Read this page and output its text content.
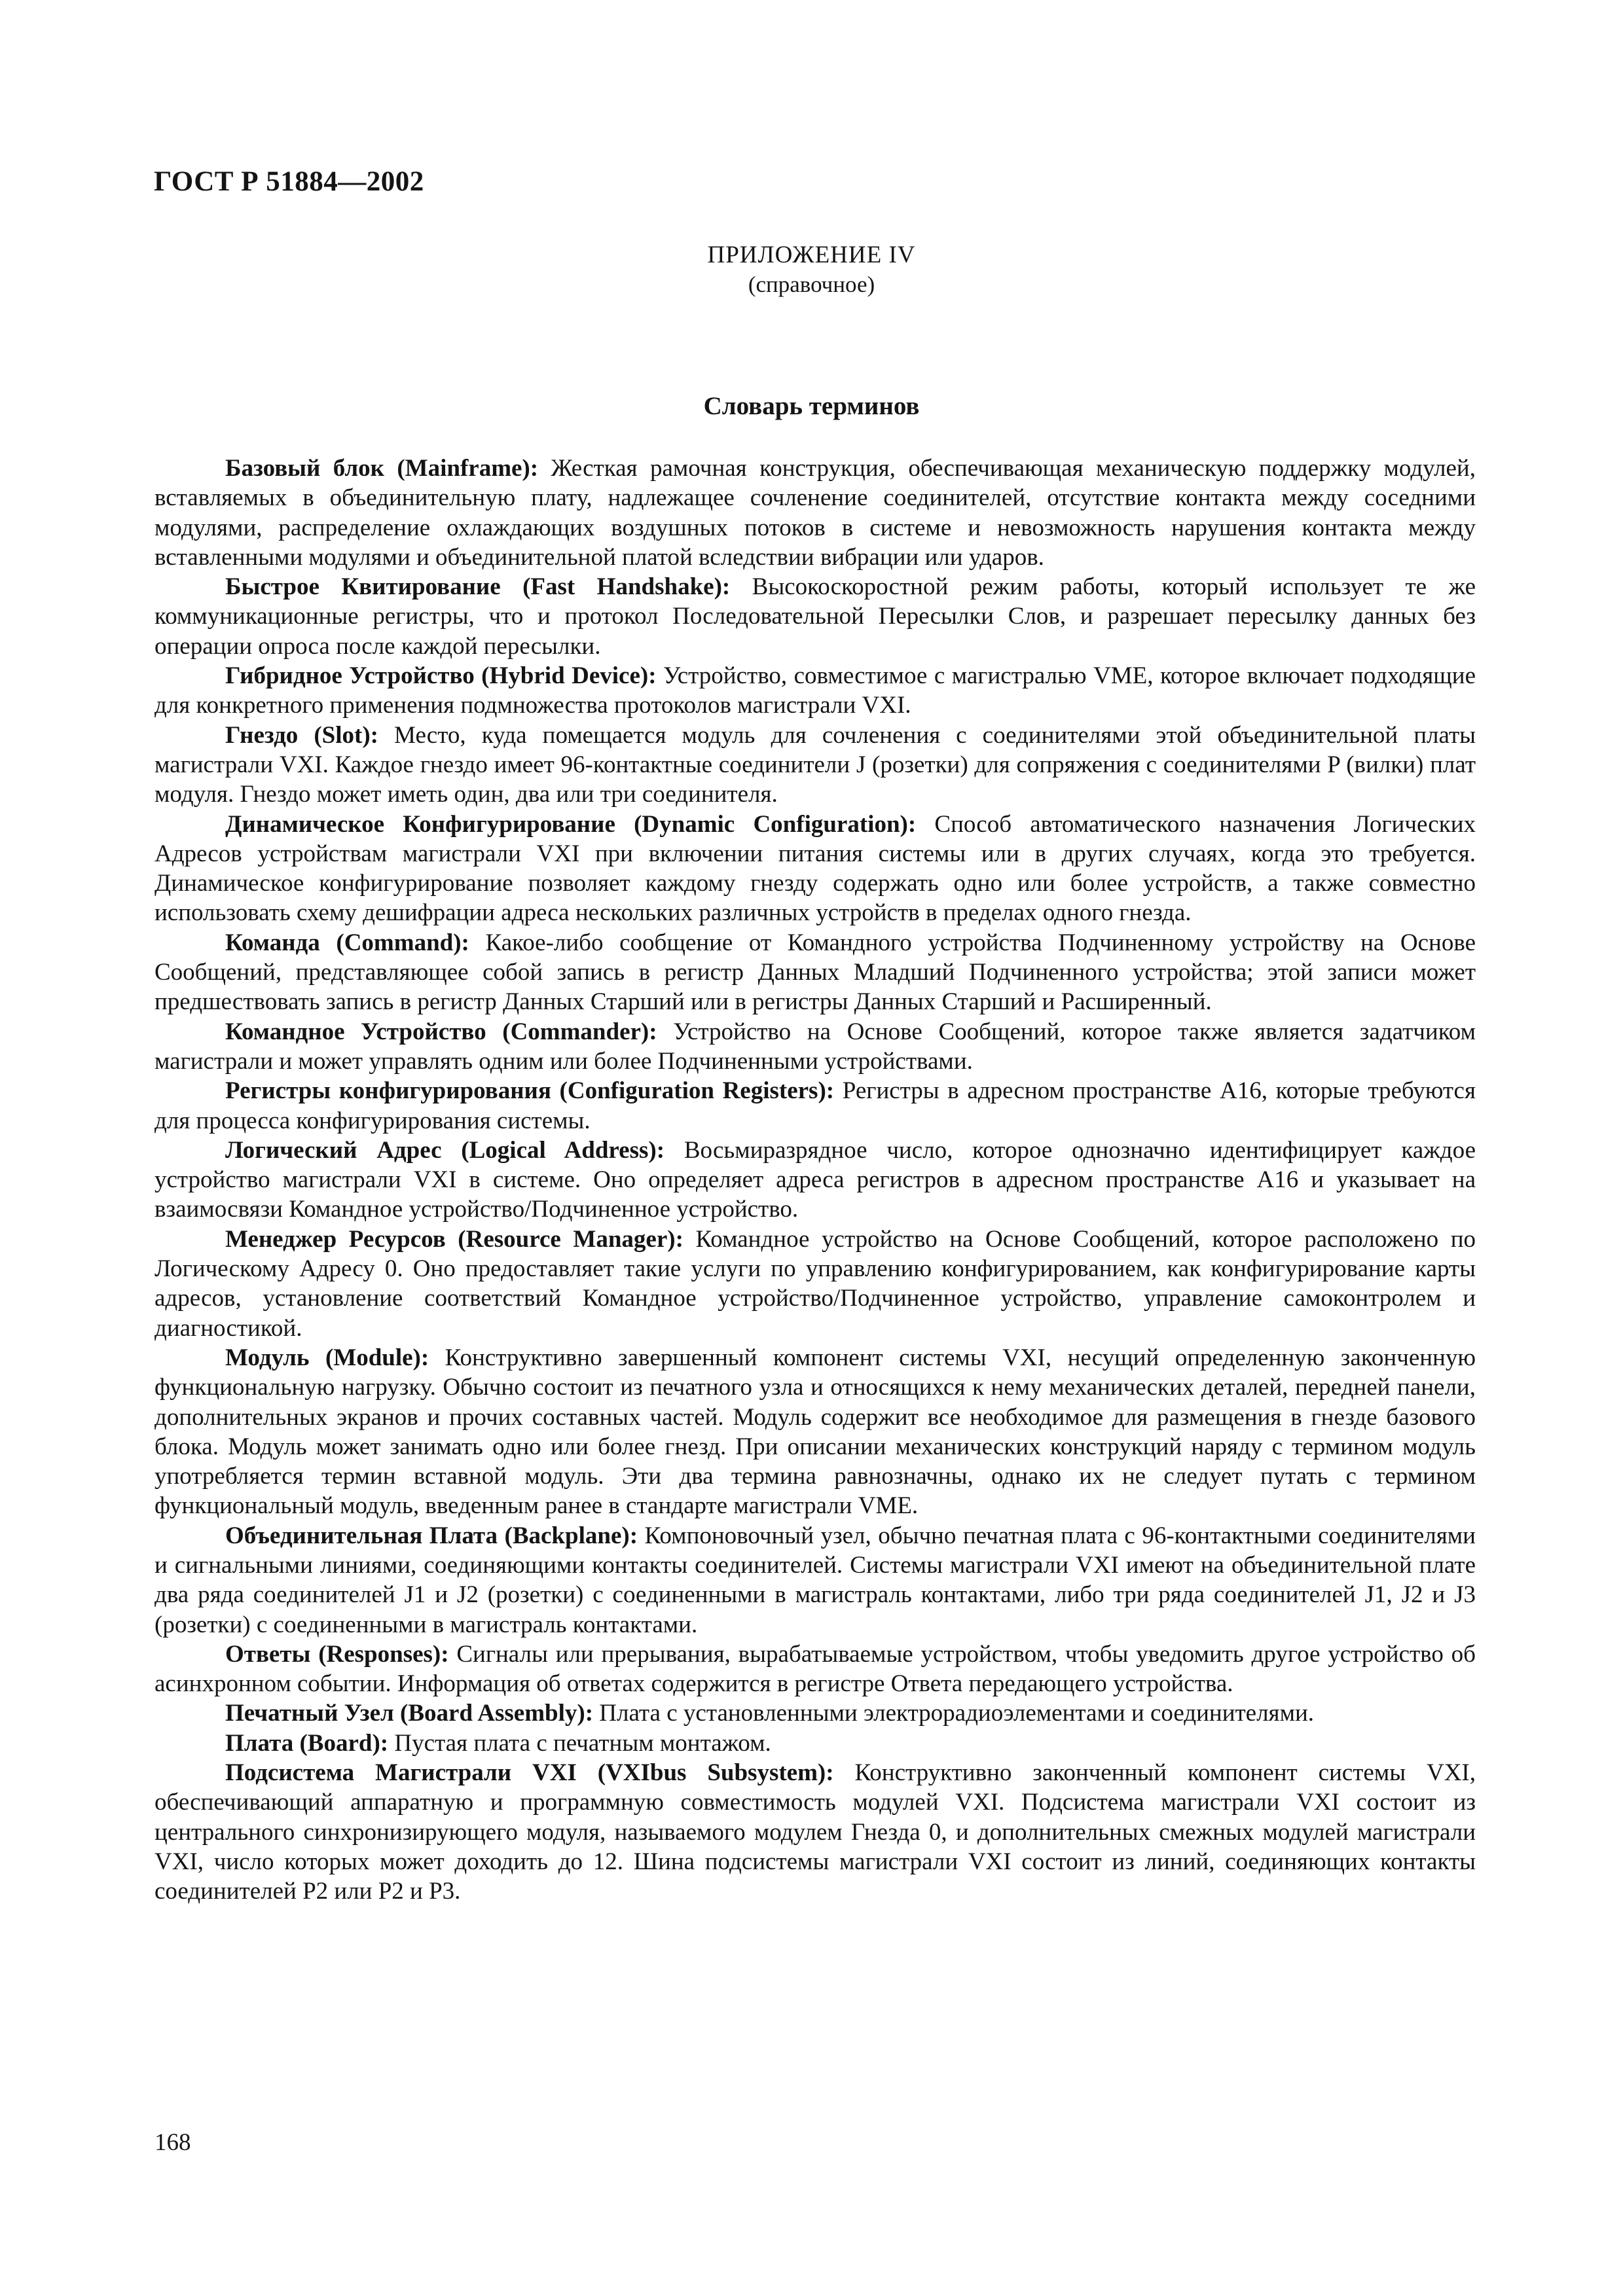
ГОСТ Р 51884—2002
ПРИЛОЖЕНИЕ IV
(справочное)
Словарь терминов

Базовый блок (Mainframe): Жесткая рамочная конструкция, обеспечивающая механическую поддержку модулей, вставляемых в объединительную плату, надлежащее сочленение соединителей, отсутствие контакта между соседними модулями, распределение охлаждающих воздушных потоков в системе и невозможность нарушения контакта между вставленными модулями и объединительной платой вследствии вибрации или ударов.

Быстрое Квитирование (Fast Handshake): Высокоскоростной режим работы, который использует те же коммуникационные регистры, что и протокол Последовательной Пересылки Слов, и разрешает пересылку данных без операции опроса после каждой пересылки.

Гибридное Устройство (Hybrid Device): Устройство, совместимое с магистралью VME, которое включает подходящие для конкретного применения подмножества протоколов магистрали VXI.

Гнездо (Slot): Место, куда помещается модуль для сочленения с соединителями этой объединительной платы магистрали VXI. Каждое гнездо имеет 96-контактные соединители J (розетки) для сопряжения с соединителями P (вилки) плат модуля. Гнездо может иметь один, два или три соединителя.

Динамическое Конфигурирование (Dynamic Configuration): Способ автоматического назначения Логических Адресов устройствам магистрали VXI при включении питания системы или в других случаях, когда это требуется. Динамическое конфигурирование позволяет каждому гнезду содержать одно или более устройств, а также совместно использовать схему дешифрации адреса нескольких различных устройств в пределах одного гнезда.

Команда (Command): Какое-либо сообщение от Командного устройства Подчиненному устройству на Основе Сообщений, представляющее собой запись в регистр Данных Младший Подчиненного устройства; этой записи может предшествовать запись в регистр Данных Старший или в регистры Данных Старший и Расширенный.

Командное Устройство (Commander): Устройство на Основе Сообщений, которое также является задатчиком магистрали и может управлять одним или более Подчиненными устройствами.

Регистры конфигурирования (Configuration Registers): Регистры в адресном пространстве A16, которые требуются для процесса конфигурирования системы.

Логический Адрес (Logical Address): Восьмиразрядное число, которое однозначно идентифицирует каждое устройство магистрали VXI в системе. Оно определяет адреса регистров в адресном пространстве A16 и указывает на взаимосвязи Командное устройство/Подчиненное устройство.

Менеджер Ресурсов (Resource Manager): Командное устройство на Основе Сообщений, которое расположено по Логическому Адресу 0. Оно предоставляет такие услуги по управлению конфигурированием, как конфигурирование карты адресов, установление соответствий Командное устройство/Подчиненное устройство, управление самоконтролем и диагностикой.

Модуль (Module): Конструктивно завершенный компонент системы VXI, несущий определенную законченную функциональную нагрузку. Обычно состоит из печатного узла и относящихся к нему механических деталей, передней панели, дополнительных экранов и прочих составных частей. Модуль содержит все необходимое для размещения в гнезде базового блока. Модуль может занимать одно или более гнезд. При описании механических конструкций наряду с термином модуль употребляется термин вставной модуль. Эти два термина равнозначны, однако их не следует путать с термином функциональный модуль, введенным ранее в стандарте магистрали VME.

Объединительная Плата (Backplane): Компоновочный узел, обычно печатная плата с 96-контактными соединителями и сигнальными линиями, соединяющими контакты соединителей. Системы магистрали VXI имеют на объединительной плате два ряда соединителей J1 и J2 (розетки) с соединенными в магистраль контактами, либо три ряда соединителей J1, J2 и J3 (розетки) с соединенными в магистраль контактами.

Ответы (Responses): Сигналы или прерывания, вырабатываемые устройством, чтобы уведомить другое устройство об асинхронном событии. Информация об ответах содержится в регистре Ответа передающего устройства.

Печатный Узел (Board Assembly): Плата с установленными электрорадиоэлементами и соединителями.

Плата (Board): Пустая плата с печатным монтажом.

Подсистема Магистрали VXI (VXIbus Subsystem): Конструктивно законченный компонент системы VXI, обеспечивающий аппаратную и программную совместимость модулей VXI. Подсистема магистрали VXI состоит из центрального синхронизирующего модуля, называемого модулем Гнезда 0, и дополнительных смежных модулей магистрали VXI, число которых может доходить до 12. Шина подсистемы магистрали VXI состоит из линий, соединяющих контакты соединителей P2 или P2 и P3.

168
